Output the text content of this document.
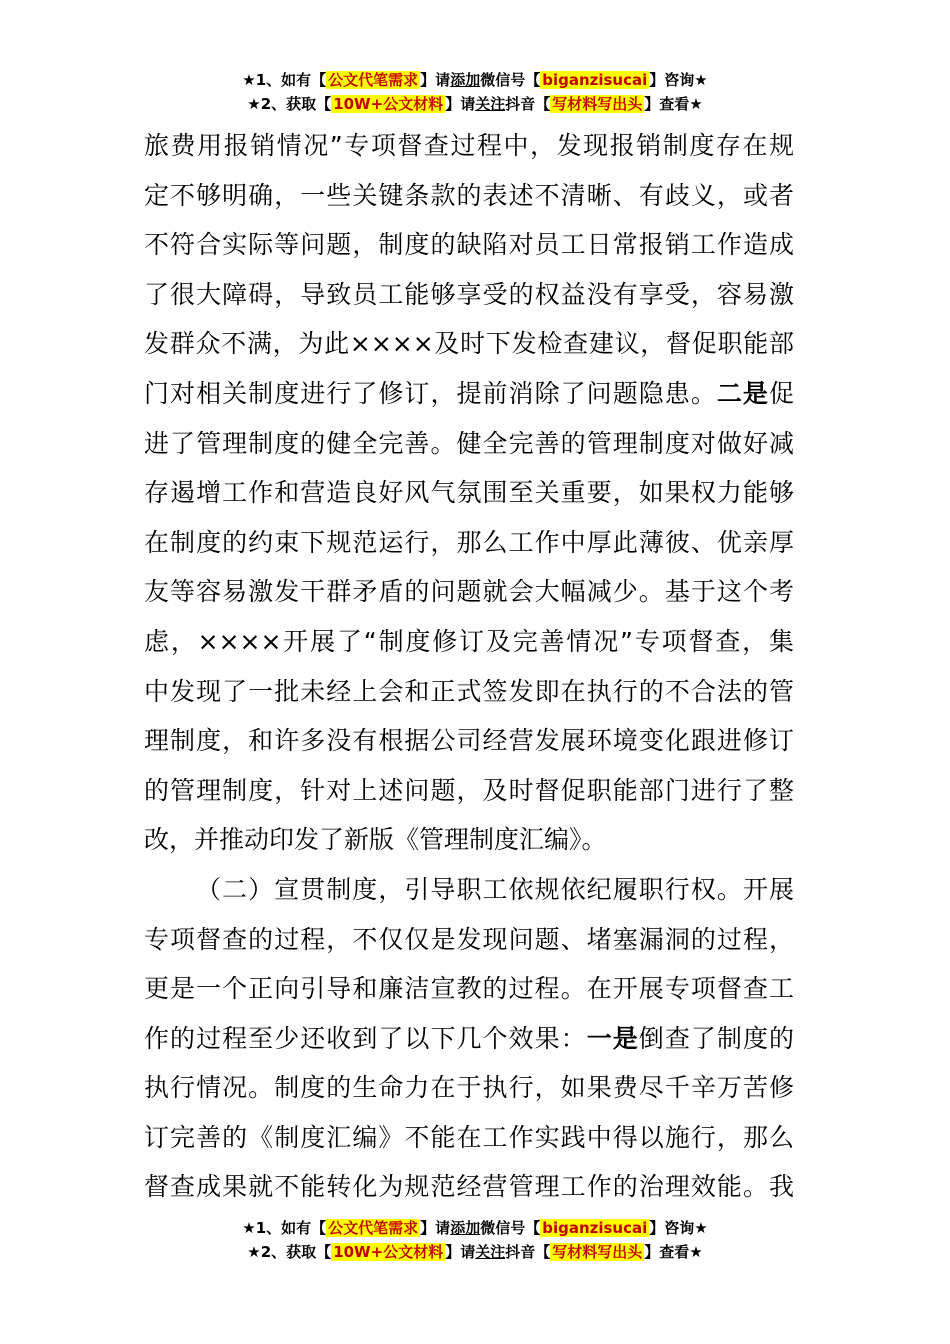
★1、如有【 公文代笔需求 】请添加微信号【 biganzisucai 】咨询★
★2、获取【 10W+公文材料 】请关注抖音【 写材料写出头 】查看★
旅费用报销情况”专项督查过程中，发现报销制度存在规
定不够明确，一些关键条款的表述不清晰、有歧义，或者
不符合实际等问题，制度的缺陷对员工日常报销工作造成
了很大障碍，导致员工能够享受的权益没有享受，容易激
发群众不满，为此××××及时下发检查建议，督促职能部
门对相关制度进行了修订，提前消除了问题隐患。二是促
进了管理制度的健全完善。健全完善的管理制度对做好减
存遏增工作和营造良好风气氛围至关重要，如果权力能够
在制度的约束下规范运行，那么工作中厚此薄彼、优亲厚
友等容易激发干群矛盾的问题就会大幅减少。基于这个考
虑，××××开展了“制度修订及完善情况”专项督查，集
中发现了一批未经上会和正式签发即在执行的不合法的管
理制度，和许多没有根据公司经营发展环境变化跟进修订
的管理制度，针对上述问题，及时督促职能部门进行了整
改，并推动印发了新版《管理制度汇编》。
（二）宣贯制度，引导职工依规依纪履职行权。开展
专项督查的过程，不仅仅是发现问题、堵塞漏洞的过程，
更是一个正向引导和廉洁宣教的过程。在开展专项督查工
作的过程至少还收到了以下几个效果：一是倒查了制度的
执行情况。制度的生命力在于执行，如果费尽千辛万苦修
订完善的《制度汇编》不能在工作实践中得以施行，那么
督查成果就不能转化为规范经营管理工作的治理效能。我
★1、如有【 公文代笔需求 】请添加微信号【 biganzisucai 】咨询★
★2、获取【 10W+公文材料 】请关注抖音【 写材料写出头 】查看★
